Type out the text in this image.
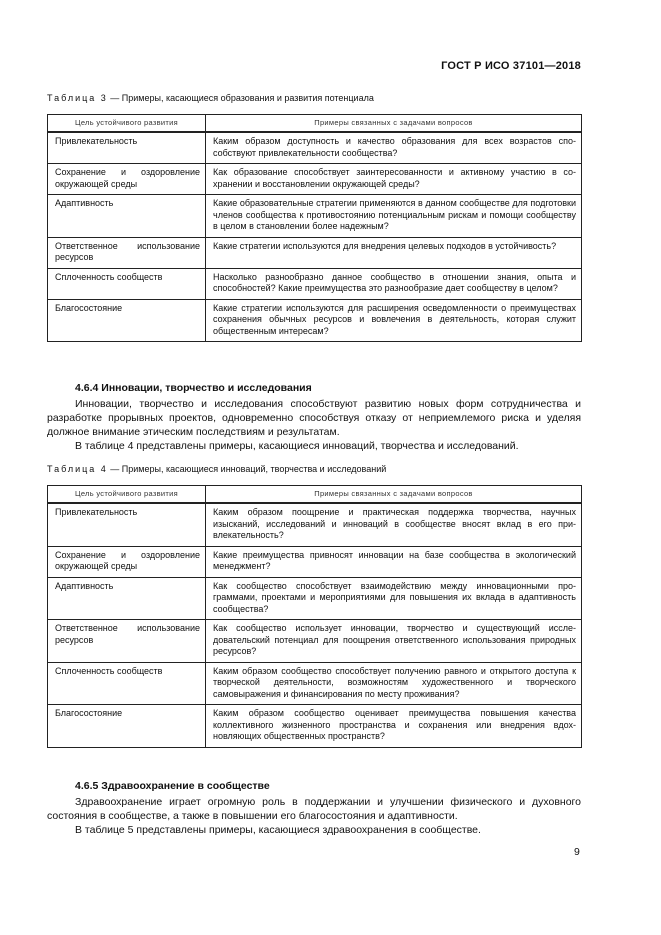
ГОСТ Р ИСО 37101—2018
Таблица 3 — Примеры, касающиеся образования и развития потенциала
Цель устойчивого развития	Примеры связанных с задачами вопросов
Привлекательность	Каким образом доступность и качество образования для всех возрастов способствуют привлекательности сообщества?
Сохранение и оздоровление окружающей среды	Как образование способствует заинтересованности и активному участию в сохранении и восстановлении окружающей среды?
Адаптивность	Какие образовательные стратегии применяются в данном сообществе для подготовки членов сообщества к противостоянию потенциальным рискам и помощи сообществу в целом в становлении более надежным?
Ответственное использование ресурсов	Какие стратегии используются для внедрения целевых подходов в устойчивость?
Сплоченность сообществ	Насколько разнообразно данное сообщество в отношении знания, опыта и способностей? Какие преимущества это разнообразие дает сообществу в целом?
Благосостояние	Какие стратегии используются для расширения осведомленности о преимуществах сохранения обычных ресурсов и вовлечения в деятельность, которая служит общественным интересам?
4.6.4 Инновации, творчество и исследования

Инновации, творчество и исследования способствуют развитию новых форм сотрудничества и разработке прорывных проектов, одновременно способствуя отказу от неприемлемого риска и уделяя должное внимание этическим последствиям и результатам.

В таблице 4 представлены примеры, касающиеся инноваций, творчества и исследований.

Таблица 4 — Примеры, касающиеся инноваций, творчества и исследований
Цель устойчивого развития	Примеры связанных с задачами вопросов
Привлекательность	Каким образом поощрение и практическая поддержка творчества, научных изысканий, исследований и инноваций в сообществе вносят вклад в его привлекательность?
Сохранение и оздоровление окружающей среды	Какие преимущества привносят инновации на базе сообщества в экологический менеджмент?
Адаптивность	Как сообщество способствует взаимодействию между инновационными программами, проектами и мероприятиями для повышения их вклада в адаптивность сообщества?
Ответственное использование ресурсов	Как сообщество использует инновации, творчество и существующий исследовательский потенциал для поощрения ответственного использования природных ресурсов?
Сплоченность сообществ	Каким образом сообщество способствует получению равного и открытого доступа к творческой деятельности, возможностям художественного и творческого самовыражения и финансирования по месту проживания?
Благосостояние	Каким образом сообщество оценивает преимущества повышения качества коллективного жизненного пространства и сохранения или внедрения вдохновляющих общественных пространств?
4.6.5 Здравоохранение в сообществе

Здравоохранение играет огромную роль в поддержании и улучшении физического и духовного состояния в сообществе, а также в повышении его благосостояния и адаптивности.

В таблице 5 представлены примеры, касающиеся здравоохранения в сообществе.

9
